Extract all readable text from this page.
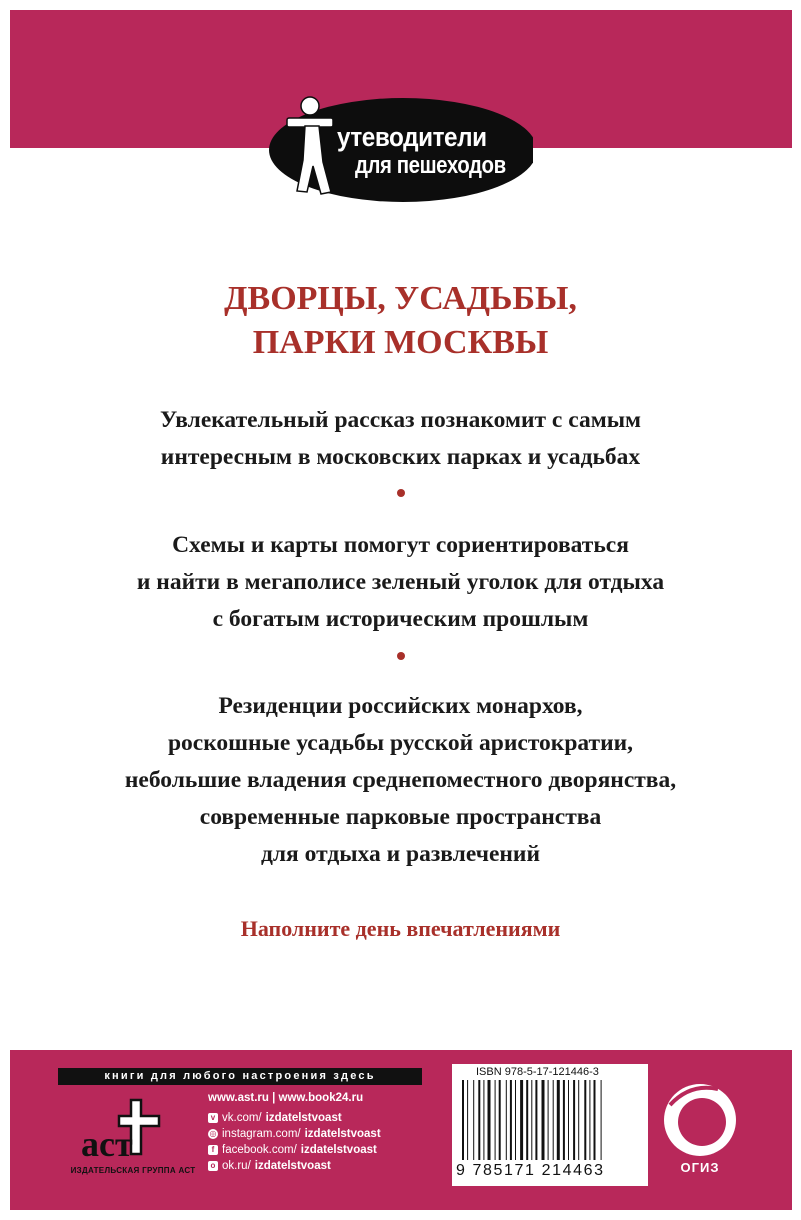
утеводители
для пешеходов
ДВОРЦЫ, УСАДЬБЫ,
ПАРКИ МОСКВЫ
Увлекательный рассказ познакомит с самым
интересным в московских парках и усадьбах
Схемы и карты помогут сориентироваться
и найти в мегаполисе зеленый уголок для отдыха
с богатым историческим прошлым
Резиденции российских монархов,
роскошные усадьбы русской аристократии,
небольшие владения среднепоместного дворянства,
современные парковые пространства
для отдыха и развлечений
Наполните день впечатлениями
книги для любого настроения здесь
аст
ИЗДАТЕЛЬСКАЯ ГРУППА АСТ
www.ast.ru | www.book24.ru
v vk.com/ izdatelstvoast
◎ instagram.com/ izdatelstvoast
f facebook.com/ izdatelstvoast
o ok.ru/ izdatelstvoast
ISBN 978-5-17-121446-3
9 785171 214463	ОГИЗ
